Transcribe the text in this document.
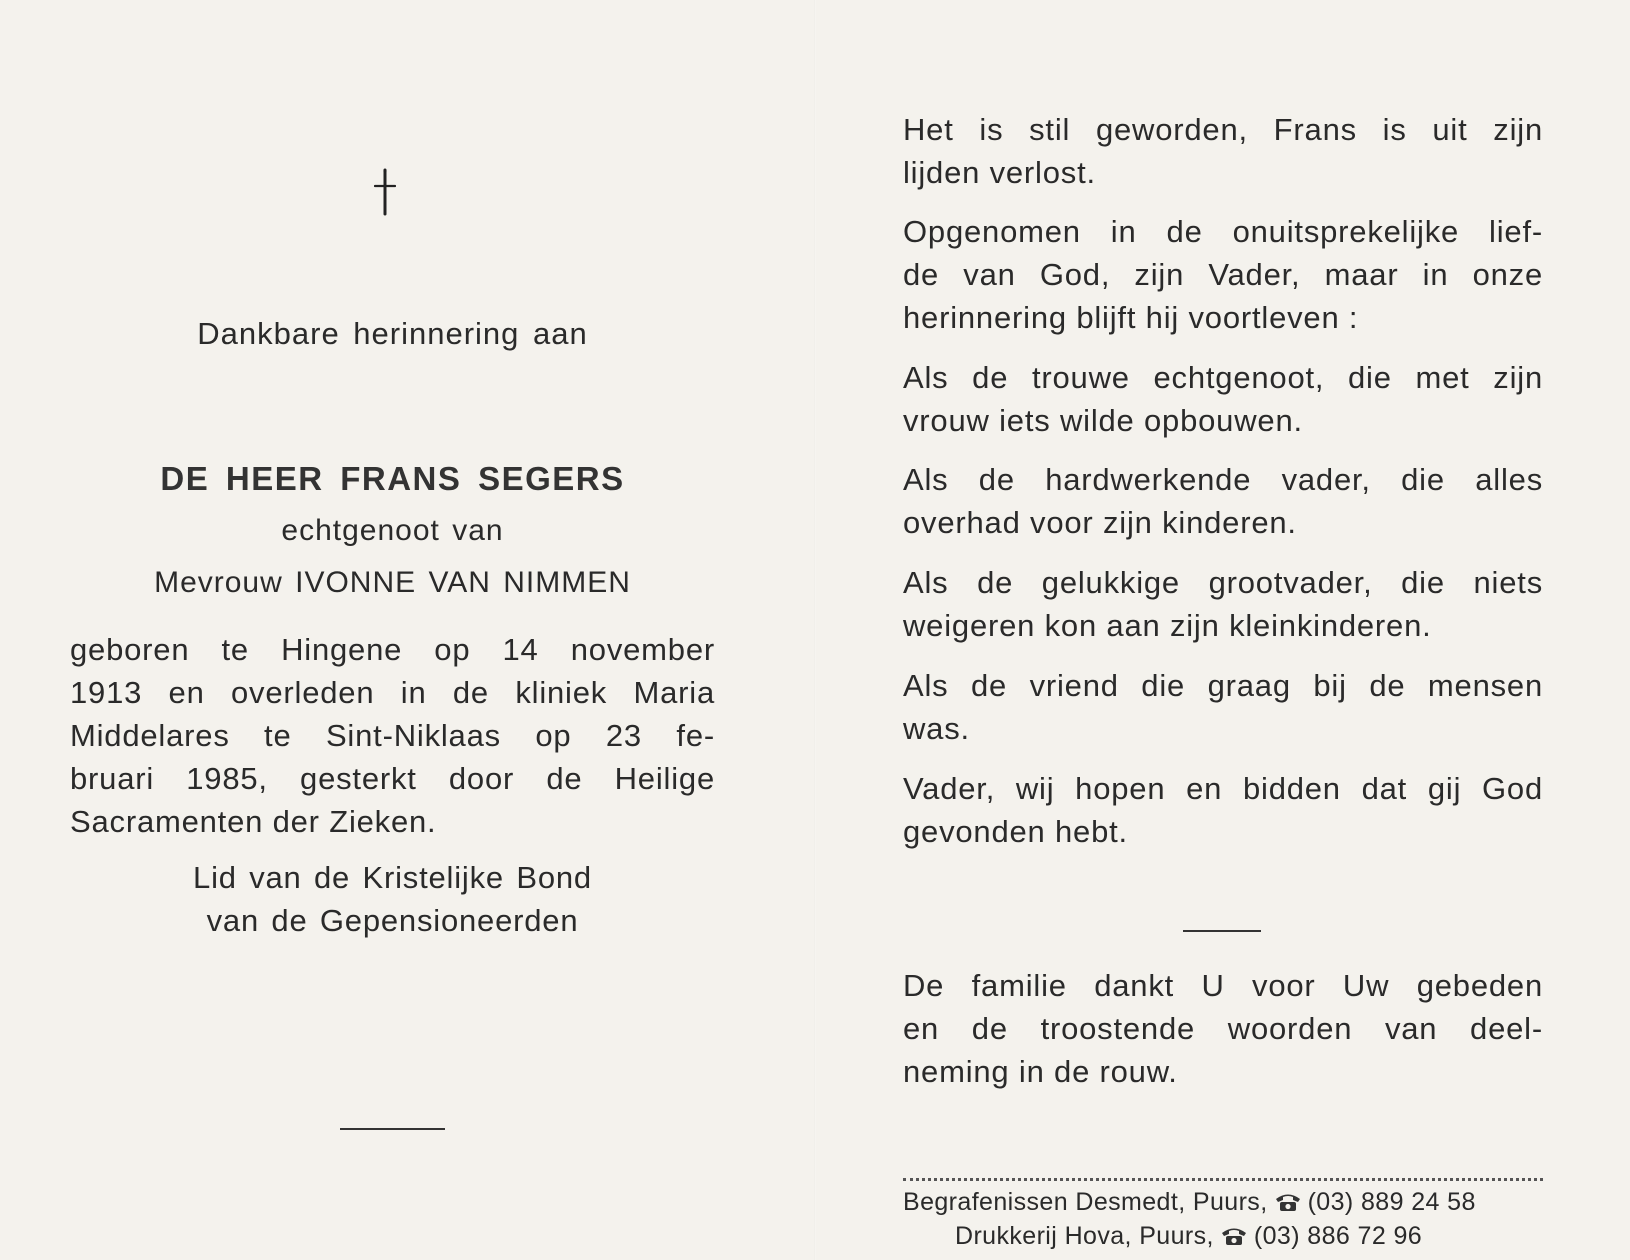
Dankbare herinnering aan
DE HEER FRANS SEGERS
echtgenoot van
Mevrouw IVONNE VAN NIMMEN
geboren te Hingene op 14 november
1913 en overleden in de kliniek Maria
Middelares te Sint-Niklaas op 23 fe-
bruari 1985, gesterkt door de Heilige
Sacramenten der Zieken.
Lid van de Kristelijke Bond
van de Gepensioneerden
Het is stil geworden, Frans is uit zijn
lijden verlost.
Opgenomen in de onuitsprekelijke lief-
de van God, zijn Vader, maar in onze
herinnering blijft hij voortleven :
Als de trouwe echtgenoot, die met zijn
vrouw iets wilde opbouwen.
Als de hardwerkende vader, die alles
overhad voor zijn kinderen.
Als de gelukkige grootvader, die niets
weigeren kon aan zijn kleinkinderen.
Als de vriend die graag bij de mensen
was.
Vader, wij hopen en bidden dat gij God
gevonden hebt.
De familie dankt U voor Uw gebeden
en de troostende woorden van deel-
neming in de rouw.
Begrafenissen Desmedt, Puurs, (03) 889 24 58
Drukkerij Hova, Puurs, (03) 886 72 96
